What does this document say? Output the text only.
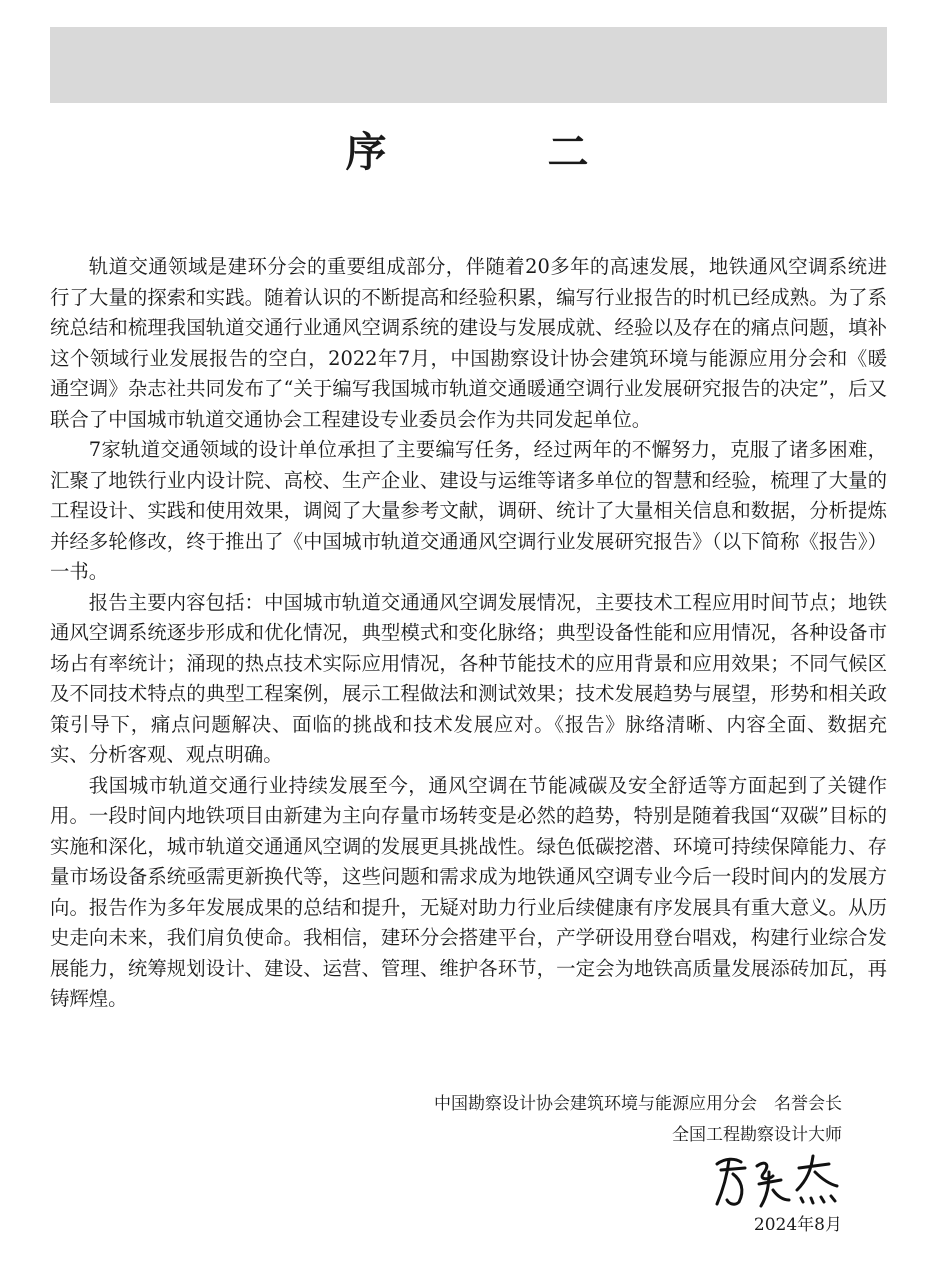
序　二

轨道交通领域是建环分会的重要组成部分，伴随着20多年的高速发展，地铁通风空调系统进行了大量的探索和实践。随着认识的不断提高和经验积累，编写行业报告的时机已经成熟。为了系统总结和梳理我国轨道交通行业通风空调系统的建设与发展成就、经验以及存在的痛点问题，填补这个领域行业发展报告的空白，2022年7月，中国勘察设计协会建筑环境与能源应用分会和《暖通空调》杂志社共同发布了“关于编写我国城市轨道交通暖通空调行业发展研究报告的决定”，后又联合了中国城市轨道交通协会工程建设专业委员会作为共同发起单位。

7家轨道交通领域的设计单位承担了主要编写任务，经过两年的不懈努力，克服了诸多困难，汇聚了地铁行业内设计院、高校、生产企业、建设与运维等诸多单位的智慧和经验，梳理了大量的工程设计、实践和使用效果，调阅了大量参考文献，调研、统计了大量相关信息和数据，分析提炼并经多轮修改，终于推出了《中国城市轨道交通通风空调行业发展研究报告》（以下简称《报告》）一书。

报告主要内容包括：中国城市轨道交通通风空调发展情况，主要技术工程应用时间节点；地铁通风空调系统逐步形成和优化情况，典型模式和变化脉络；典型设备性能和应用情况，各种设备市场占有率统计；涌现的热点技术实际应用情况，各种节能技术的应用背景和应用效果；不同气候区及不同技术特点的典型工程案例，展示工程做法和测试效果；技术发展趋势与展望，形势和相关政策引导下，痛点问题解决、面临的挑战和技术发展应对。《报告》脉络清晰、内容全面、数据充实、分析客观、观点明确。

我国城市轨道交通行业持续发展至今，通风空调在节能减碳及安全舒适等方面起到了关键作用。一段时间内地铁项目由新建为主向存量市场转变是必然的趋势，特别是随着我国“双碳”目标的实施和深化，城市轨道交通通风空调的发展更具挑战性。绿色低碳挖潜、环境可持续保障能力、存量市场设备系统亟需更新换代等，这些问题和需求成为地铁通风空调专业今后一段时间内的发展方向。报告作为多年发展成果的总结和提升，无疑对助力行业后续健康有序发展具有重大意义。从历史走向未来，我们肩负使命。我相信，建环分会搭建平台，产学研设用登台唱戏，构建行业综合发展能力，统筹规划设计、建设、运营、管理、维护各环节，一定会为地铁高质量发展添砖加瓦，再铸辉煌。

中国勘察设计协会建筑环境与能源应用分会　名誉会长
全国工程勘察设计大师
2024年8月
